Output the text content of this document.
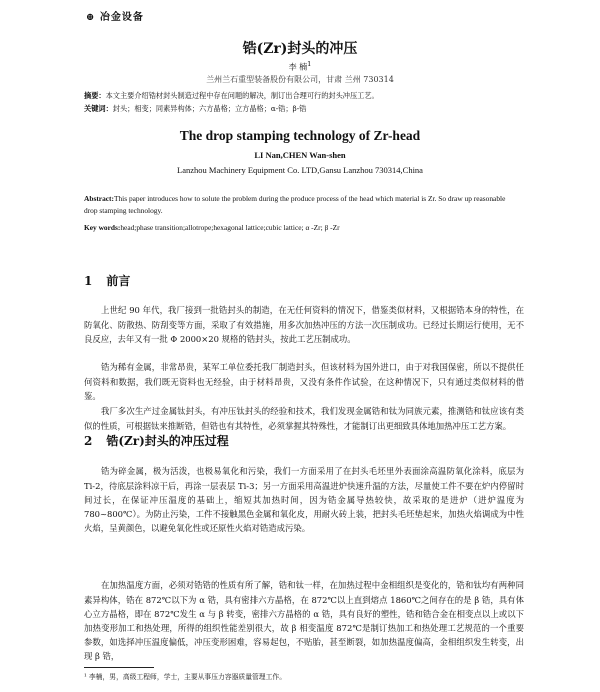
⊕ 冶金设备
锆(Zr)封头的冲压
李 楠$^1$
兰州兰石重型装备股份有限公司，甘肃 兰州 730314
摘要：本文主要介绍锆材封头制造过程中存在问题的解决，制订出合理可行的封头冲压工艺。
关键词：封头；相变；同素异构体；六方晶格；立方晶格；α-锆；β-锆
The drop stamping technology of Zr-head
LI Nan,CHEN Wan-shen
Lanzhou Machinery Equipment Co. LTD,Gansu Lanzhou 730314,China
Abstract:This paper introduces how to solute the problem during the produce process of the head which material is Zr. So draw up reasonable drop stamping technology.
Key words:head;phase transition;allotrope;hexagonal lattice;cubic lattice; α -Zr; β -Zr
1 前言

上世纪 90 年代，我厂接到一批锆封头的制造，在无任何资料的情况下，借鉴类似材料，又根据锆本身的特性，在防氧化、防散热、防刮变等方面，采取了有效措施，用多次加热冲压的方法一次压制成功。已经过长期运行使用，无不良反应，去年又有一批 Φ 2000×20 规格的锆封头，按此工艺压制成功。

锆为稀有金属，非常昂贵，某军工单位委托我厂制造封头，但该材料为国外进口，由于对我国保密，所以不提供任何资料和数据，我们既无资料也无经验，由于材料昂贵，又没有条件作试验，在这种情况下，只有通过类似材料的借鉴。

我厂多次生产过金属钛封头，有冲压钛封头的经验和技术，我们发现金属锆和钛为同族元素，推测锆和钛应该有类似的性质，可根据钛来推断锆，但锆也有其特性，必须掌握其特殊性，才能制订出更细致具体地加热冲压工艺方案。

2 锆(Zr)封头的冲压过程

锆为碎金属，极为活泼，也极易氧化和污染，我们一方面采用了在封头毛坯里外表面涂高温防氧化涂料，底层为 Ti-2，待底层涂料凉干后，再涂一层表层 Ti-3；另一方面采用高温进炉快速升温的方法，尽量使工件不要在炉内停留时间过长，在保证冲压温度的基础上，缩短其加热时间，因为锆金属导热较快，故采取的是进炉（进炉温度为 780~800℃）。为防止污染，工件不接触黑色金属和氧化皮，用耐火砖上装，把封头毛坯垫起来，加热火焰调成为中性火焰，呈黄颜色，以避免氧化性或还原性火焰对锆造成污染。

在加热温度方面，必须对锆锆的性质有所了解，锆和钛一样，在加热过程中金相组织是变化的，锆和钛均有两种同素异构体，锆在 872℃以下为 α 锆，具有密排六方晶格，在 872℃以上直到熔点 1860℃之间存在的是 β 锆，具有体心立方晶格，即在 872℃发生 α 与 β 转变，密排六方晶格的 α 锆，具有良好的塑性，锆和锆合金在相变点以上或以下加热变形加工和热处理，所得的组织性能差别很大，故 β 相变温度 872℃是制订热加工和热处理工艺规范的一个重要参数，如选择冲压温度偏低，冲压变形困难，容易起包，不贴胎，甚至断裂，如加热温度偏高，金相组织发生转变，出现 β 锆，

¹ 李楠，男，高级工程师，学士，主要从事压力容器质量管理工作。
